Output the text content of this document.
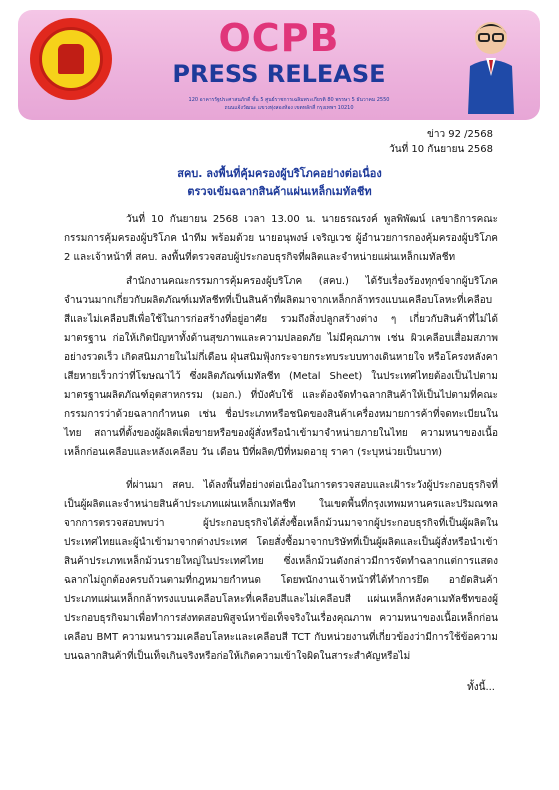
OCPB
PRESS RELEASE
120 อาคารรัฐประศาสนภักดี ชั้น 5 ศูนย์ราชการเฉลิมพระเกียรติ 80 พรรษา 5 ธันวาคม 2550
ถนนแจ้งวัฒนะ แขวงทุ่งสองห้อง เขตหลักสี่ กรุงเทพฯ 10210
ข่าว 92 /2568
วันที่ 10 กันยายน 2568
สคบ. ลงพื้นที่คุ้มครองผู้บริโภคอย่างต่อเนื่อง
ตรวจเข้มฉลากสินค้าแผ่นเหล็กเมทัลชีท

วันที่ 10 กันยายน 2568 เวลา 13.00 น. นายธรณรงค์ พูลพิพัฒน์ เลขาธิการคณะกรรมการคุ้มครองผู้บริโภค นำทีม พร้อมด้วย นายอนุพงษ์ เจริญเวช ผู้อำนวยการกองคุ้มครองผู้บริโภค 2 และเจ้าหน้าที่ สคบ. ลงพื้นที่ตรวจสอบผู้ประกอบธุรกิจที่ผลิตและจำหน่ายแผ่นเหล็กเมทัลชีท

สำนักงานคณะกรรมการคุ้มครองผู้บริโภค (สคบ.) ได้รับเรื่องร้องทุกข์จากผู้บริโภคจำนวนมากเกี่ยวกับผลิตภัณฑ์เมทัลชีทที่เป็นสินค้าที่ผลิตมาจากเหล็กกล้าทรงแบนเคลือบโลหะที่เคลือบสีและไม่เคลือบสีเพื่อใช้ในการก่อสร้างที่อยู่อาศัย รวมถึงสิ่งปลูกสร้างต่าง ๆ เกี่ยวกับสินค้าที่ไม่ได้มาตรฐาน ก่อให้เกิดปัญหาทั้งด้านสุขภาพและความปลอดภัย ไม่มีคุณภาพ เช่น ผิวเคลือบเสื่อมสภาพอย่างรวดเร็ว เกิดสนิมภายในไม่กี่เดือน ฝุ่นสนิมฟุ้งกระจายกระทบระบบทางเดินหายใจ หรือโครงหลังคาเสียหายเร็วกว่าที่โฆษณาไว้ ซึ่งผลิตภัณฑ์เมทัลชีท (Metal Sheet) ในประเทศไทยต้องเป็นไปตามมาตรฐานผลิตภัณฑ์อุตสาหกรรม (มอก.) ที่บังคับใช้ และต้องจัดทำฉลากสินค้าให้เป็นไปตามที่คณะกรรมการว่าด้วยฉลากกำหนด เช่น ชื่อประเภทหรือชนิดของสินค้าเครื่องหมายการค้าที่จดทะเบียนในไทย สถานที่ตั้งของผู้ผลิตเพื่อขายหรือของผู้สั่งหรือนำเข้ามาจำหน่ายภายในไทย ความหนาของเนื้อเหล็กก่อนเคลือบและหลังเคลือบ วัน เดือน ปีที่ผลิต/ปีที่หมดอายุ ราคา (ระบุหน่วยเป็นบาท)

ที่ผ่านมา สคบ. ได้ลงพื้นที่อย่างต่อเนื่องในการตรวจสอบและเฝ้าระวังผู้ประกอบธุรกิจที่เป็นผู้ผลิตและจำหน่ายสินค้าประเภทแผ่นเหล็กเมทัลชีท ในเขตพื้นที่กรุงเทพมหานครและปริมณฑล จากการตรวจสอบพบว่า ผู้ประกอบธุรกิจได้สั่งซื้อเหล็กม้วนมาจากผู้ประกอบธุรกิจที่เป็นผู้ผลิตในประเทศไทยและผู้นำเข้ามาจากต่างประเทศ โดยสั่งซื้อมาจากบริษัทที่เป็นผู้ผลิตและเป็นผู้สั่งหรือนำเข้าสินค้าประเภทเหล็กม้วนรายใหญ่ในประเทศไทย ซึ่งเหล็กม้วนดังกล่าวมีการจัดทำฉลากแต่การแสดงฉลากไม่ถูกต้องครบถ้วนตามที่กฎหมายกำหนด โดยพนักงานเจ้าหน้าที่ได้ทำการยึด อายัดสินค้าประเภทแผ่นเหล็กกล้าทรงแบนเคลือบโลหะที่เคลือบสีและไม่เคลือบสี แผ่นเหล็กหลังคาเมทัลชีทของผู้ประกอบธุรกิจมาเพื่อทำการส่งทดสอบพิสูจน์หาข้อเท็จจริงในเรื่องคุณภาพ ความหนาของเนื้อเหล็กก่อนเคลือบ BMT ความหนารวมเคลือบโลหะและเคลือบสี TCT กับหน่วยงานที่เกี่ยวข้องว่ามีการใช้ข้อความบนฉลากสินค้าที่เป็นเท็จเกินจริงหรือก่อให้เกิดความเข้าใจผิดในสาระสำคัญหรือไม่

ทั้งนี้...
